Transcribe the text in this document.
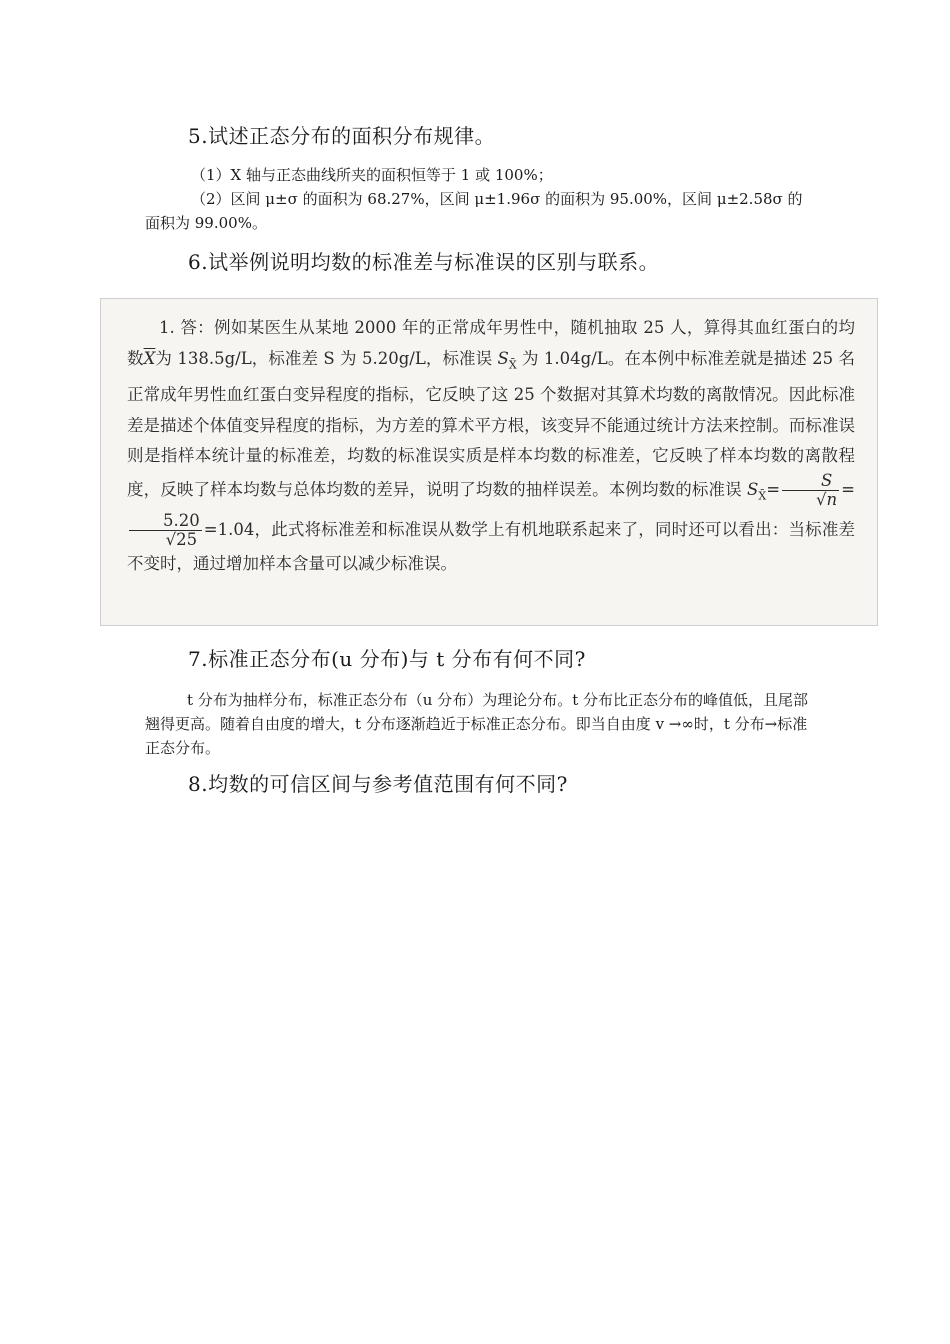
5.试述正态分布的面积分布规律。

（1）X 轴与正态曲线所夹的面积恒等于 1 或 100%；

（2）区间 μ±σ 的面积为 68.27%，区间 μ±1.96σ 的面积为 95.00%，区间 μ±2.58σ 的面积为 99.00%。

6.试举例说明均数的标准差与标准误的区别与联系。

1. 答：例如某医生从某地 2000 年的正常成年男性中，随机抽取 25 人，算得其血红蛋白的均数$\overline{X}$为 138.5g/L，标准差 S 为 5.20g/L，标准误 $S_{X̄}$ 为 1.04g/L。在本例中标准差就是描述 25 名正常成年男性血红蛋白变异程度的指标，它反映了这 25 个数据对其算术均数的离散情况。因此标准差是描述个体值变异程度的指标，为方差的算术平方根，该变异不能通过统计方法来控制。而标准误则是指样本统计量的标准差，均数的标准误实质是样本均数的标准差，它反映了样本均数的离散程度，反映了样本均数与总体均数的差异，说明了均数的抽样误差。本例均数的标准误 $S_{X̄}= \frac{S}{√n}$ =
$\frac{5.20}{√25} =1.04$，此式将标准差和标准误从数学上有机地联系起来了，同时还可以看出：当标准差不变时，通过增加样本含量可以减少标准误。

7.标准正态分布(u 分布)与 t 分布有何不同?

t 分布为抽样分布，标准正态分布（u 分布）为理论分布。t 分布比正态分布的峰值低，且尾部翘得更高。随着自由度的增大，t 分布逐渐趋近于标准正态分布。即当自由度 v →∞时，t 分布→标准正态分布。

8.均数的可信区间与参考值范围有何不同?
